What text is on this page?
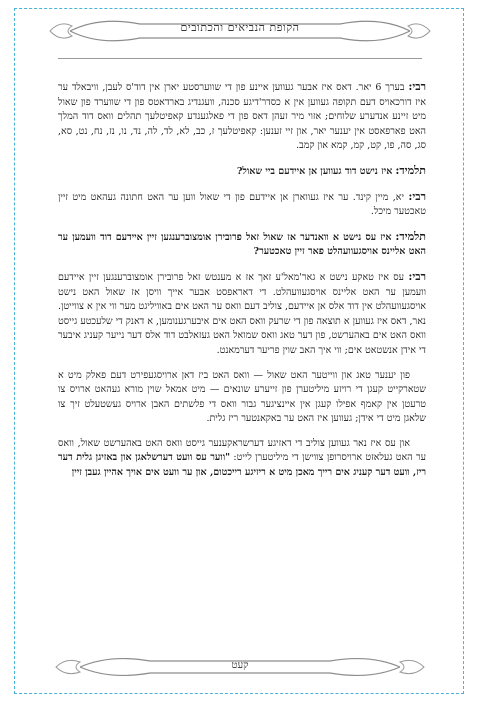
הקופת הנביאים והכתובים

רבי: בערך 6 יאר. דאס איז אבער געווען איינע פון די שווערסטע יארן אין דוד'ס לעבן, וויבאלד ער איז דורכאויס דעם תקופה געווען אין א כסדר'דיגע סכנה, וועגנדיג בארדאטס פון די שווערד פון שאול מיט זיינע אנדערע שלוחים; אזוי מיר זעהן דאס פון די פאלגענדע קאפיטלעך תהלים וואס דוד המלך האט פארפאסט אין יענער יאר, און זיי זענען: קאפיטלעך ז, כב, לא, לד, לה, נד, נו, נז, נח, נט, סא, סג, סה, פו, קט, קמ, קמא און קמב.

תלמיד: איז נישט דוד געווען אן איידעם ביי שאול?

רבי: יא, מיין קינד. ער איז געווארן אן איידעם פון די שאול ווען ער האט חתונה געהאט מיט זיין טאכטער מיכל.

תלמיד: איז עס נישט א וואנדער אז שאול זאל פרובירן אומצוברענגען זיין איידעם דוד וועמען ער האט אליינס אויסגעוועהלט פאר זיין טאכטער?

רבי: עס איז טאקע נישט א גאר'מאל'ע זאך אז א מענטש זאל פרובירן אומצוברענגען זיין איידעם וועמען ער האט אליינס אויסגעוועהלט. די דאראפסט אבער אייך וויסן אז שאול האט נישט אויסגעוועהלט אין דוד אלס אן איידעם, צוליב דעם וואס ער האט אים באוויליגט מער ווי אין א צווייטן. נאר, דאס איז געווען א תוצאה פון די שרעק וואס האט אים איבערגענומען, א דאנק די שלעכטע גייסט וואס האט אים באהערשט, פון דער טאג וואס שמואל האט געזאלבט דוד אלס דער נייער קעניג איבער די אידן אנשטאט אים; ווי איך האב שוין פריער דערמאנט.

פון יענער טאג און ווייטער האט שאול — וואס האט ביז דאן ארויסגעפירט דעם פאלק מיט א שטארקייט קעגן די רויזע מיליטערן פון זייערע שונאים — מיט אמאל שוין מורא געהאט ארויס צו טרעטן אין קאמף אפילו קעגן אין איינציגער גבור וואס די פלשתים האבן ארויס געשטעלט זיך צו שלאגן מיט די אידן; געווען איז האט ער באקאנטער ריז גלית.

און עס איז נאר געווען צוליב די דאזיגע דערשראקענער גייסט וואס האט באהערשט שאול, וואס ער האט געלאזט ארויסרופן צווישן די מיליטערן לייט: "ווער עס וועט דערשלאגן און באזיגן גלית דער ריז, וועט דער קעניג אים רייך מאכן מיט א ריזיגע רייכטום, און ער וועט אים אויך אהיין געבן זיין

קעט
